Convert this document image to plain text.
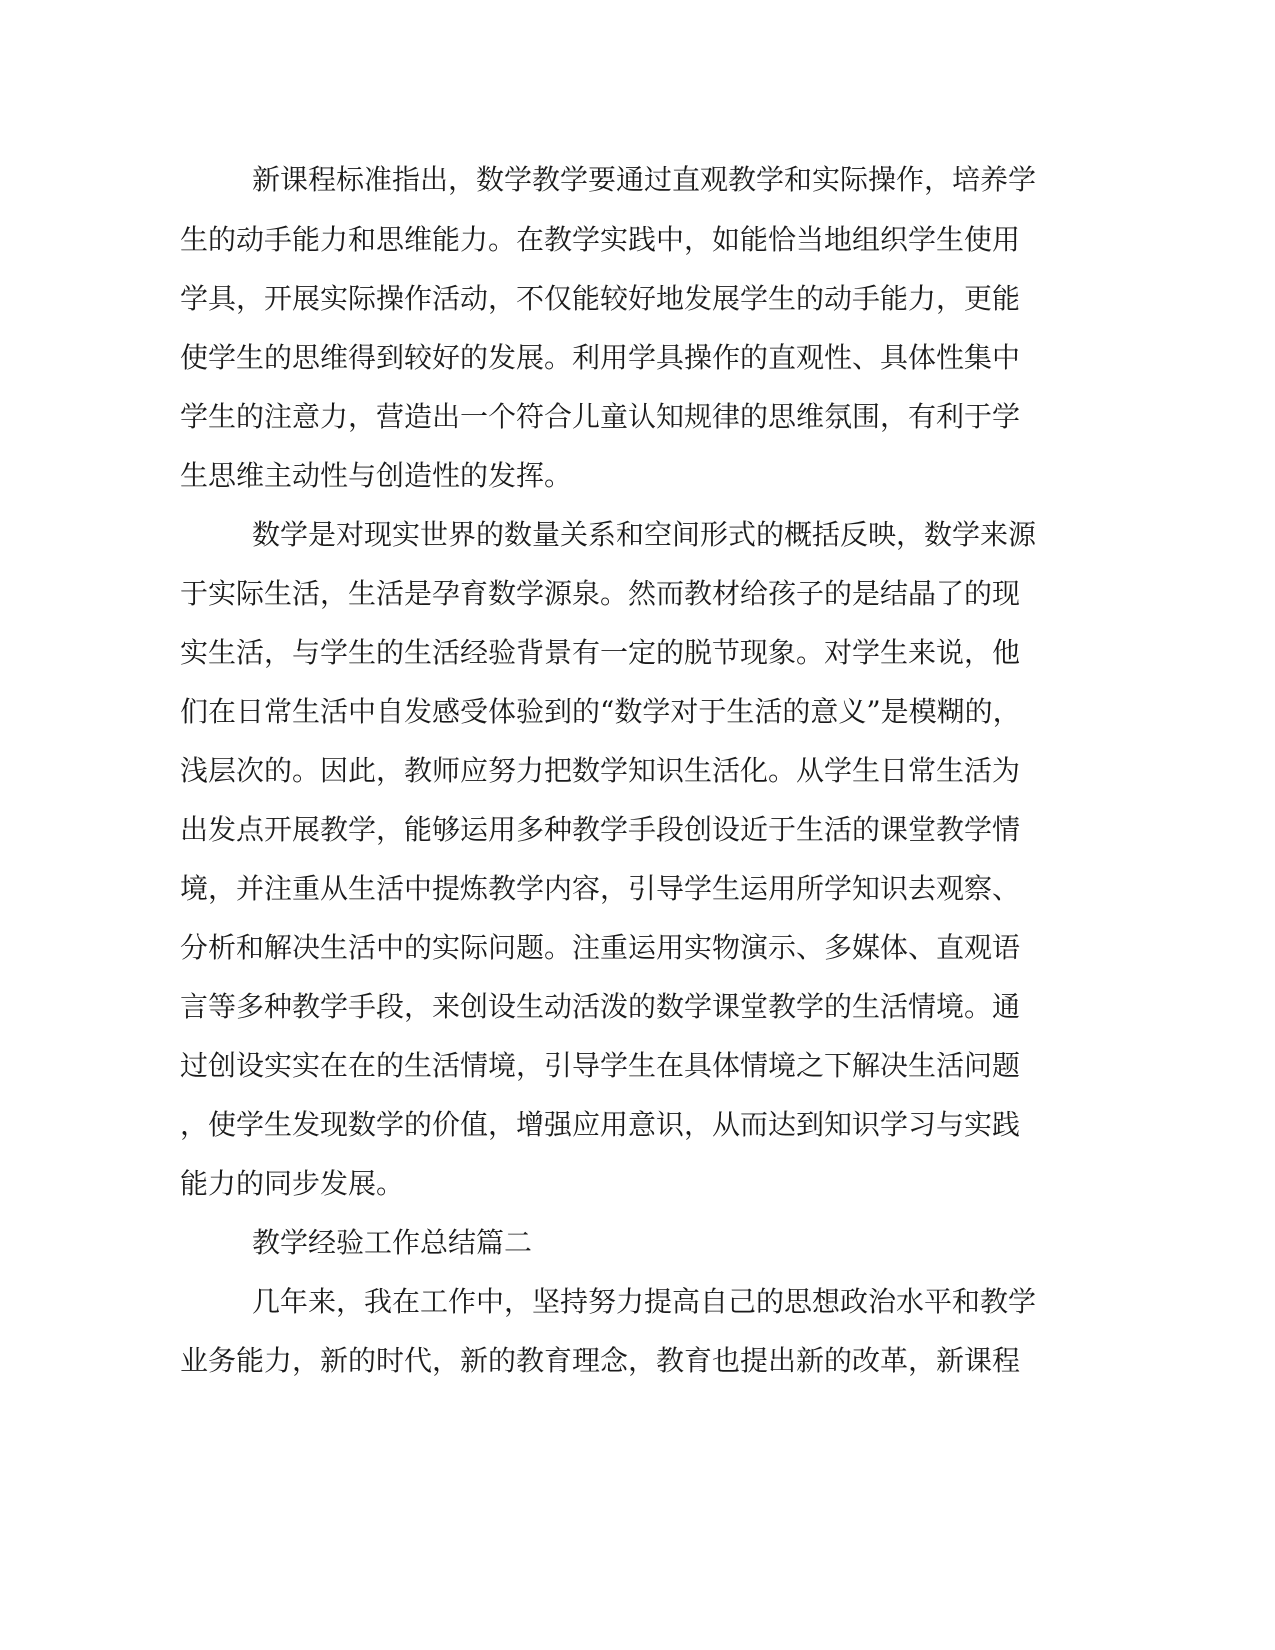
新课程标准指出，数学教学要通过直观教学和实际操作，培养学
生的动手能力和思维能力。在教学实践中，如能恰当地组织学生使用
学具，开展实际操作活动，不仅能较好地发展学生的动手能力，更能
使学生的思维得到较好的发展。利用学具操作的直观性、具体性集中
学生的注意力，营造出一个符合儿童认知规律的思维氛围，有利于学
生思维主动性与创造性的发挥。
数学是对现实世界的数量关系和空间形式的概括反映，数学来源
于实际生活，生活是孕育数学源泉。然而教材给孩子的是结晶了的现
实生活，与学生的生活经验背景有一定的脱节现象。对学生来说，他
们在日常生活中自发感受体验到的“数学对于生活的意义”是模糊的，
浅层次的。因此，教师应努力把数学知识生活化。从学生日常生活为
出发点开展教学，能够运用多种教学手段创设近于生活的课堂教学情
境，并注重从生活中提炼教学内容，引导学生运用所学知识去观察、
分析和解决生活中的实际问题。注重运用实物演示、多媒体、直观语
言等多种教学手段，来创设生动活泼的数学课堂教学的生活情境。通
过创设实实在在的生活情境，引导学生在具体情境之下解决生活问题
，使学生发现数学的价值，增强应用意识，从而达到知识学习与实践
能力的同步发展。
教学经验工作总结篇二
几年来，我在工作中，坚持努力提高自己的思想政治水平和教学
业务能力，新的时代，新的教育理念，教育也提出新的改革，新课程
